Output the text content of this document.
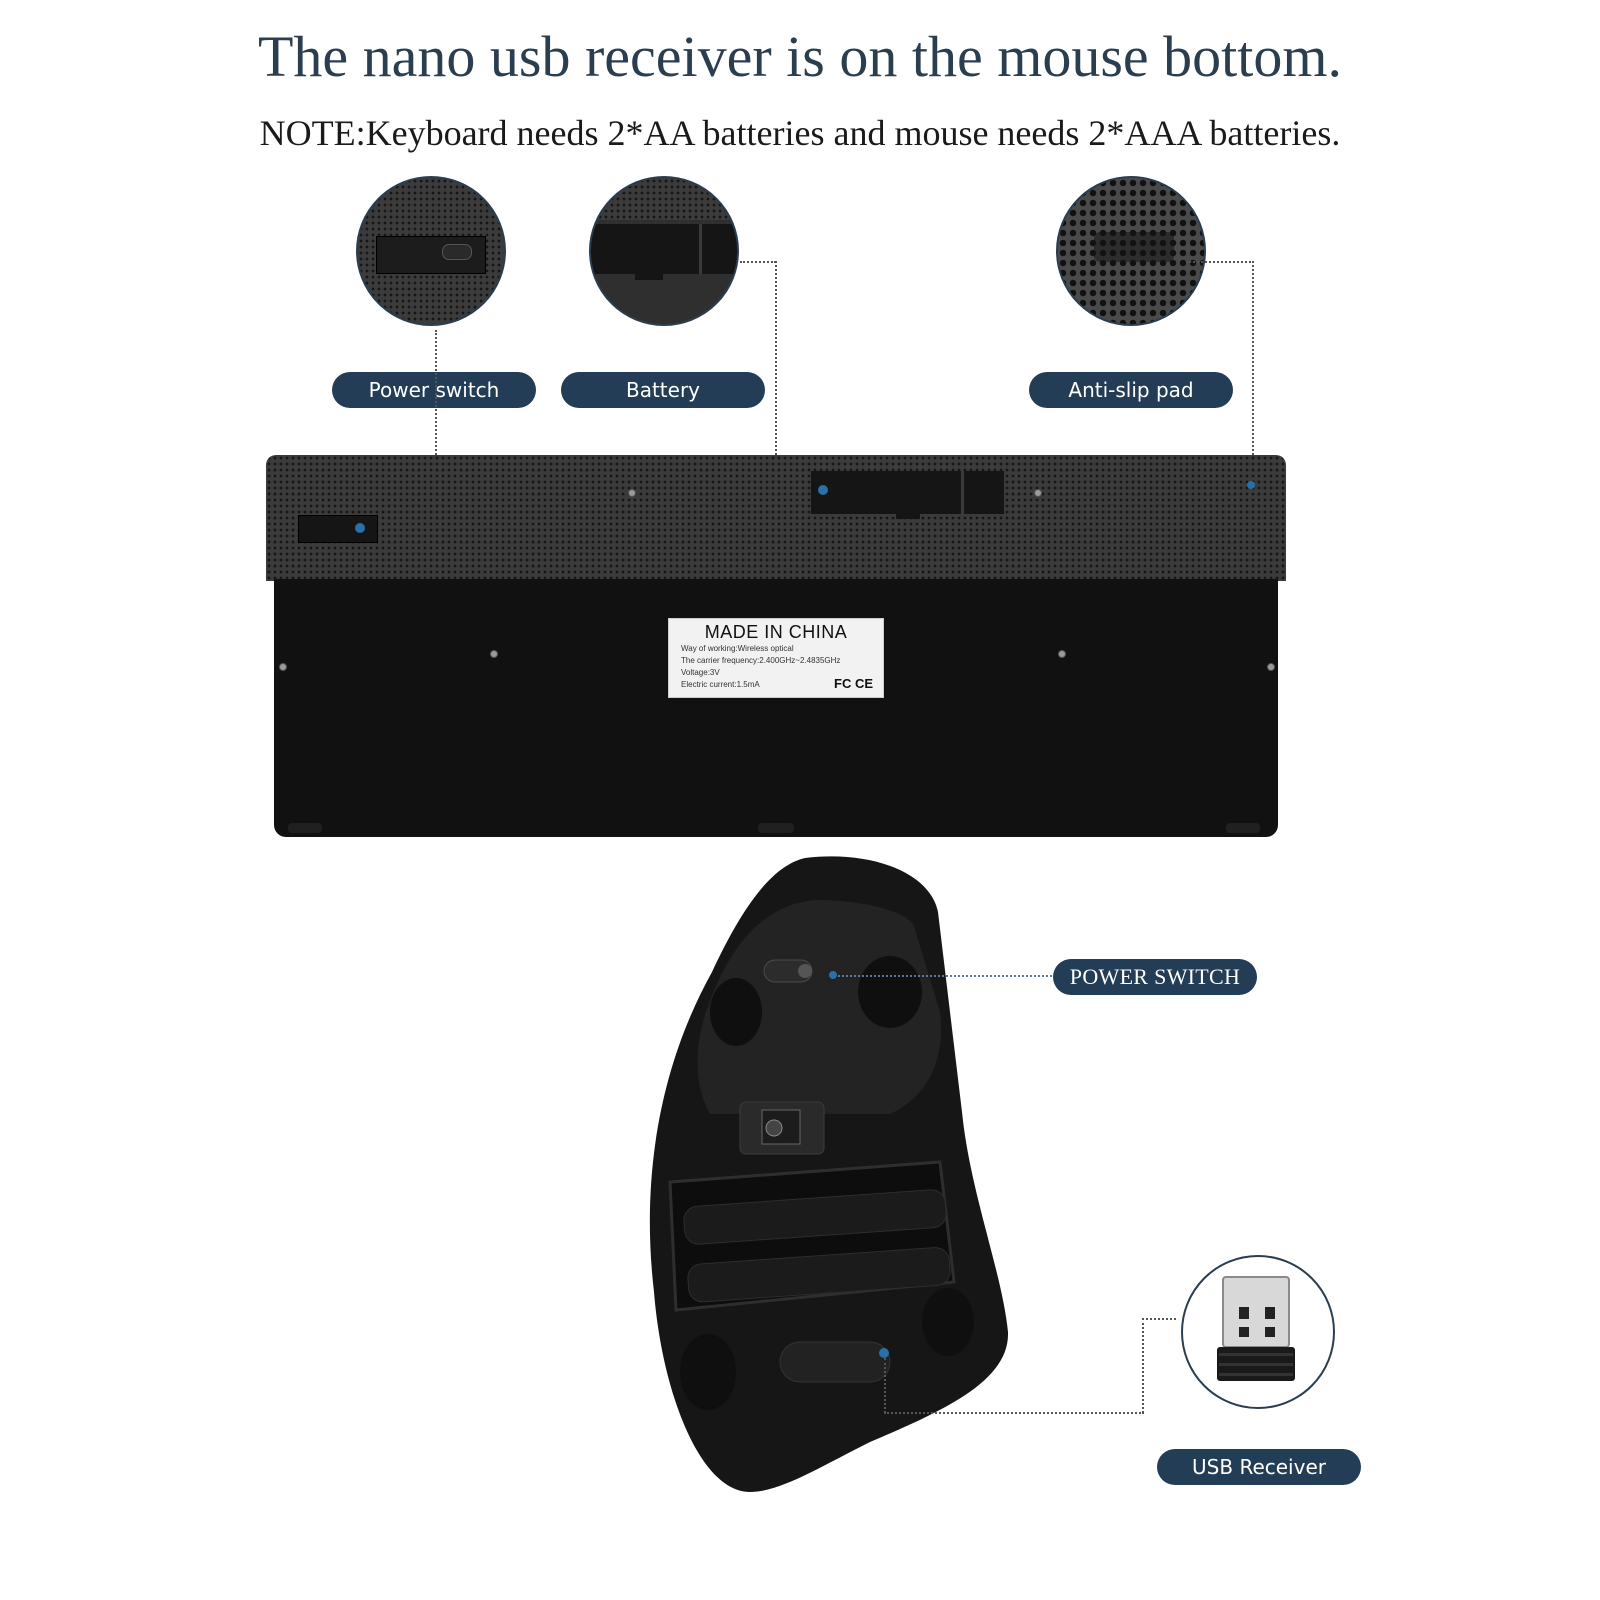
The nano usb receiver is on the mouse bottom.
NOTE:Keyboard needs 2*AA batteries and mouse needs 2*AAA batteries.
Power switch	Battery	Anti-slip pad
MADE IN CHINA
Way of working:Wireless optical
The carrier frequency:2.400GHz~2.4835GHz
Voltage:3V
Electric current:1.5mA	FC CE
POWER SWITCH
USB Receiver
